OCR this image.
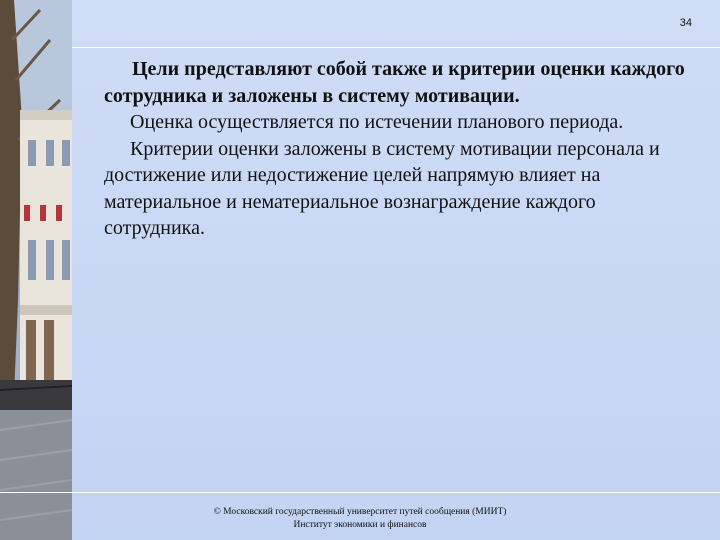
34

Цели представляют собой также и критерии оценки каждого сотрудника и заложены в систему мотивации.

Оценка осуществляется по истечении планового периода.

Критерии оценки заложены в систему мотивации персонала и достижение или недостижение целей напрямую влияет на материальное и нематериальное вознаграждение каждого сотрудника.

© Московский государственный университет путей сообщения (МИИТ)
Институт экономики и финансов
